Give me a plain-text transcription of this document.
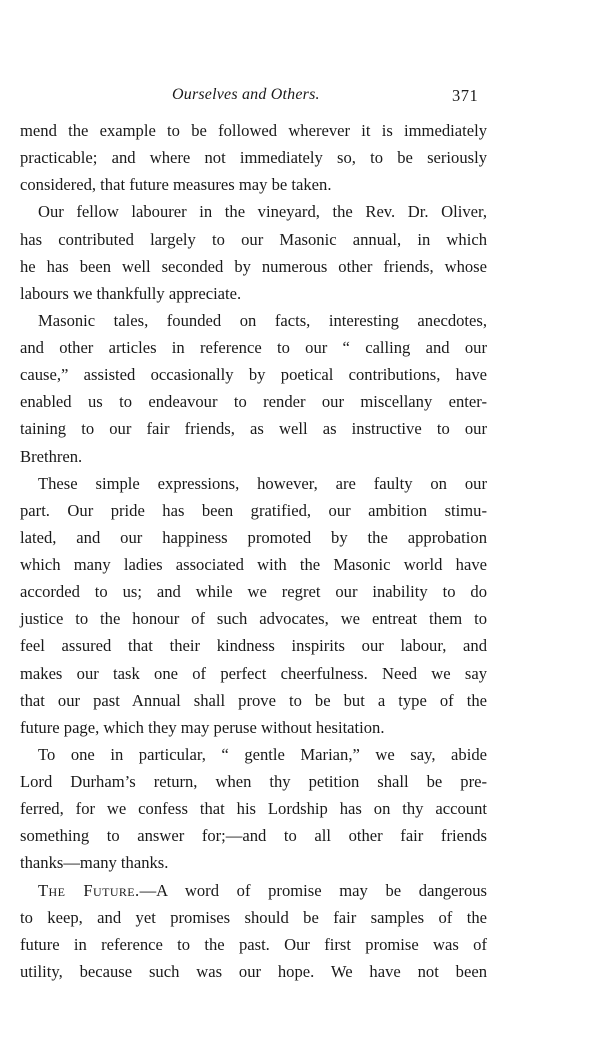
Ourselves and Others.	371
mend the example to be followed wherever it is immediately
practicable; and where not immediately so, to be seriously
considered, that future measures may be taken.
Our fellow labourer in the vineyard, the Rev. Dr. Oliver,
has contributed largely to our Masonic annual, in which
he has been well seconded by numerous other friends, whose
labours we thankfully appreciate.
Masonic tales, founded on facts, interesting anecdotes,
and other articles in reference to our “ calling and our
cause,” assisted occasionally by poetical contributions, have
enabled us to endeavour to render our miscellany enter-
taining to our fair friends, as well as instructive to our
Brethren.
These simple expressions, however, are faulty on our
part. Our pride has been gratified, our ambition stimu-
lated, and our happiness promoted by the approbation
which many ladies associated with the Masonic world have
accorded to us; and while we regret our inability to do
justice to the honour of such advocates, we entreat them to
feel assured that their kindness inspirits our labour, and
makes our task one of perfect cheerfulness. Need we say
that our past Annual shall prove to be but a type of the
future page, which they may peruse without hesitation.
To one in particular, “ gentle Marian,” we say, abide
Lord Durham’s return, when thy petition shall be pre-
ferred, for we confess that his Lordship has on thy account
something to answer for;—and to all other fair friends
thanks—many thanks.
The Future.—A word of promise may be dangerous
to keep, and yet promises should be fair samples of the
future in reference to the past. Our first promise was of
utility, because such was our hope. We have not been
